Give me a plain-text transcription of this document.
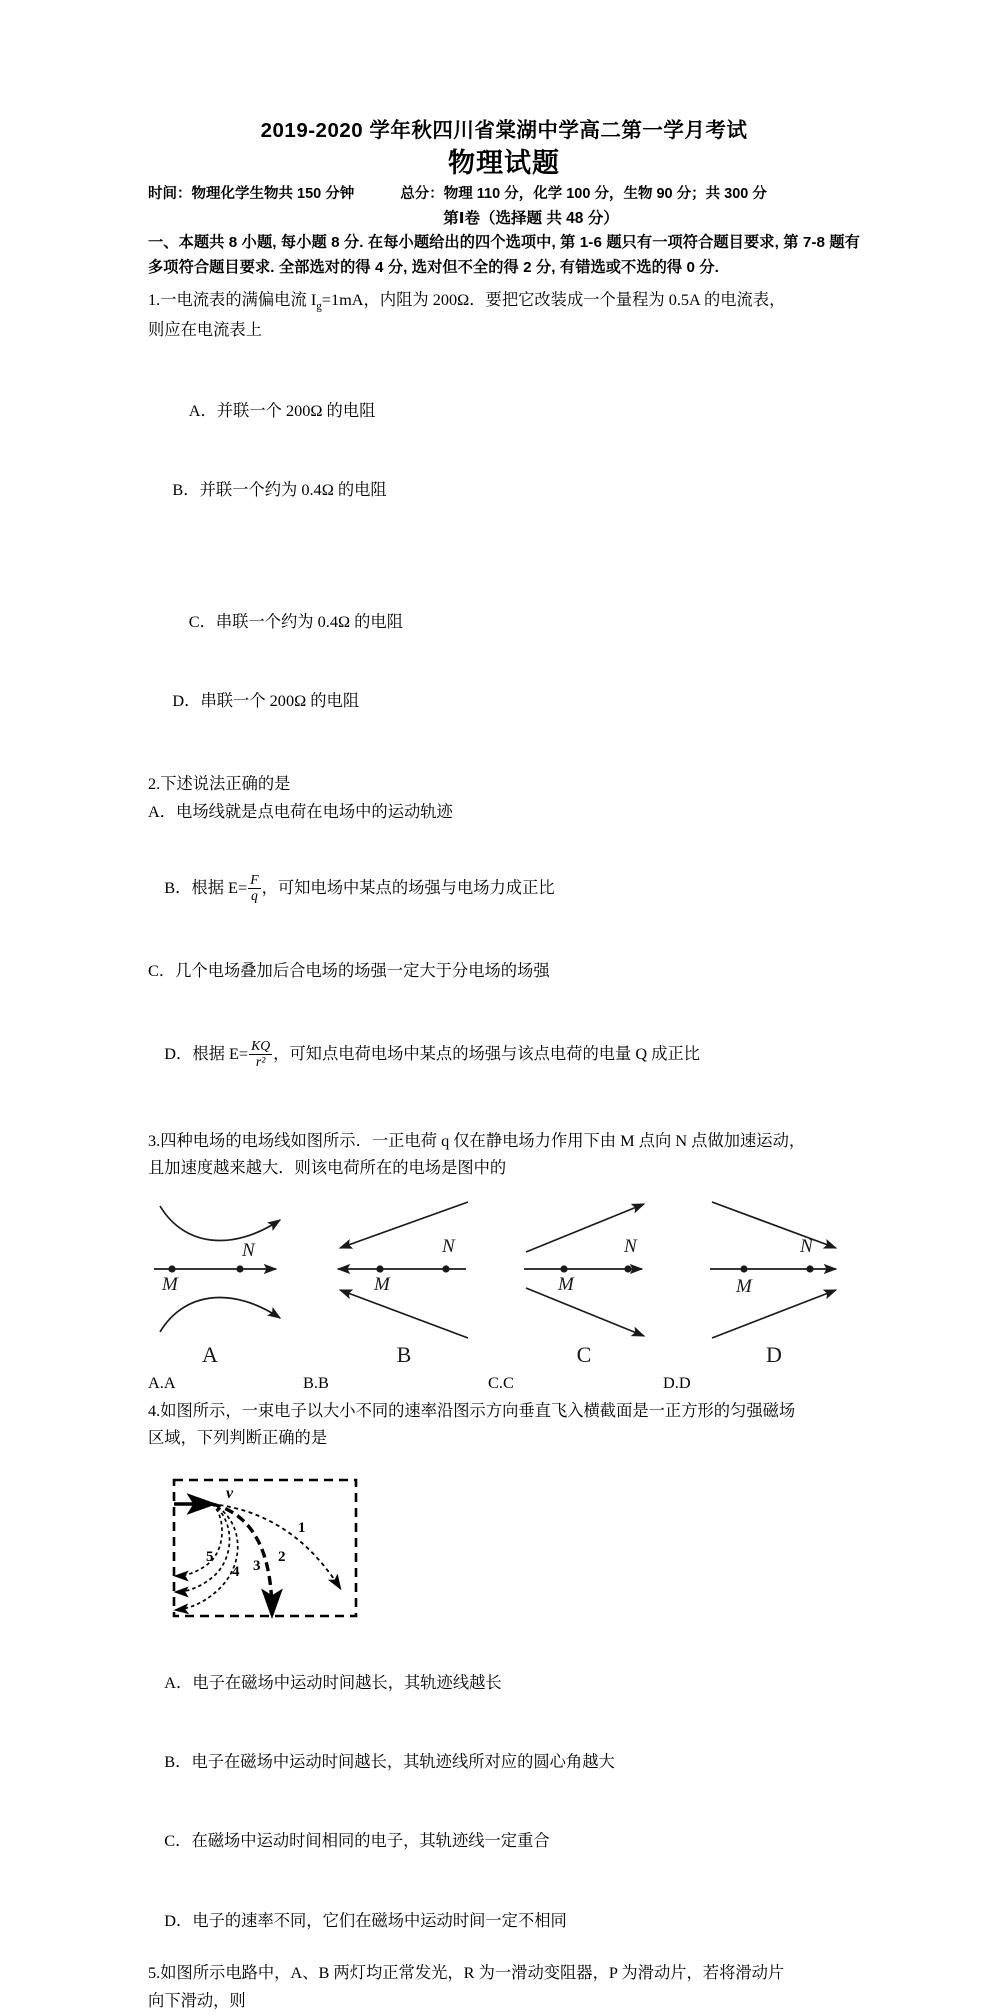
2019-2020 学年秋四川省棠湖中学高二第一学月考试
物理试题
时间：物理化学生物共 150 分钟	总分：物理 110 分，化学 100 分，生物 90 分；共 300 分
第Ⅰ卷（选择题 共 48 分）
一、本题共 8 小题, 每小题 8 分. 在每小题给出的四个选项中, 第 1-6 题只有一项符合题目要求, 第 7-8 题有多项符合题目要求. 全部选对的得 4 分, 选对但不全的得 2 分, 有错选或不选的得 0 分.
1.一电流表的满偏电流 $I_g=1mA$，内阻为 200Ω．要把它改装成一个量程为 0.5A 的电流表，
则应在电流表上

A．并联一个 200Ω 的电阻

B．并联一个约为 0.4Ω 的电阻

C．串联一个约为 0.4Ω 的电阻

D．串联一个 200Ω 的电阻

2.下述说法正确的是
A．电场线就是点电荷在电场中的运动轨迹

B．根据 $E= \frac{F}{q}$ ，可知电场中某点的场强与电场力成正比

C．几个电场叠加后合电场的场强一定大于分电场的场强

D．根据 $E= \frac{KQ}{\text{r²}}$ ，可知点电荷电场中某点的场强与该点电荷的电量 Q 成正比

3.四种电场的电场线如图所示．一正电荷 q 仅在静电场力作用下由 M 点向 N 点做加速运动，
且加速度越来越大．则该电荷所在的电场是图中的
M
N
A
M
N
B
M
N
C
M
N
D
A.A	B.B	C.C	D.D
4.如图所示，一束电子以大小不同的速率沿图示方向垂直飞入横截面是一正方形的匀强磁场
区域，下列判断正确的是
v
1
2
3
4
5

A．电子在磁场中运动时间越长，其轨迹线越长

B．电子在磁场中运动时间越长，其轨迹线所对应的圆心角越大

C．在磁场中运动时间相同的电子，其轨迹线一定重合

D．电子的速率不同，它们在磁场中运动时间一定不相同

5.如图所示电路中，A、B 两灯均正常发光，R 为一滑动变阻器，P 为滑动片，若将滑动片
向下滑动，则
